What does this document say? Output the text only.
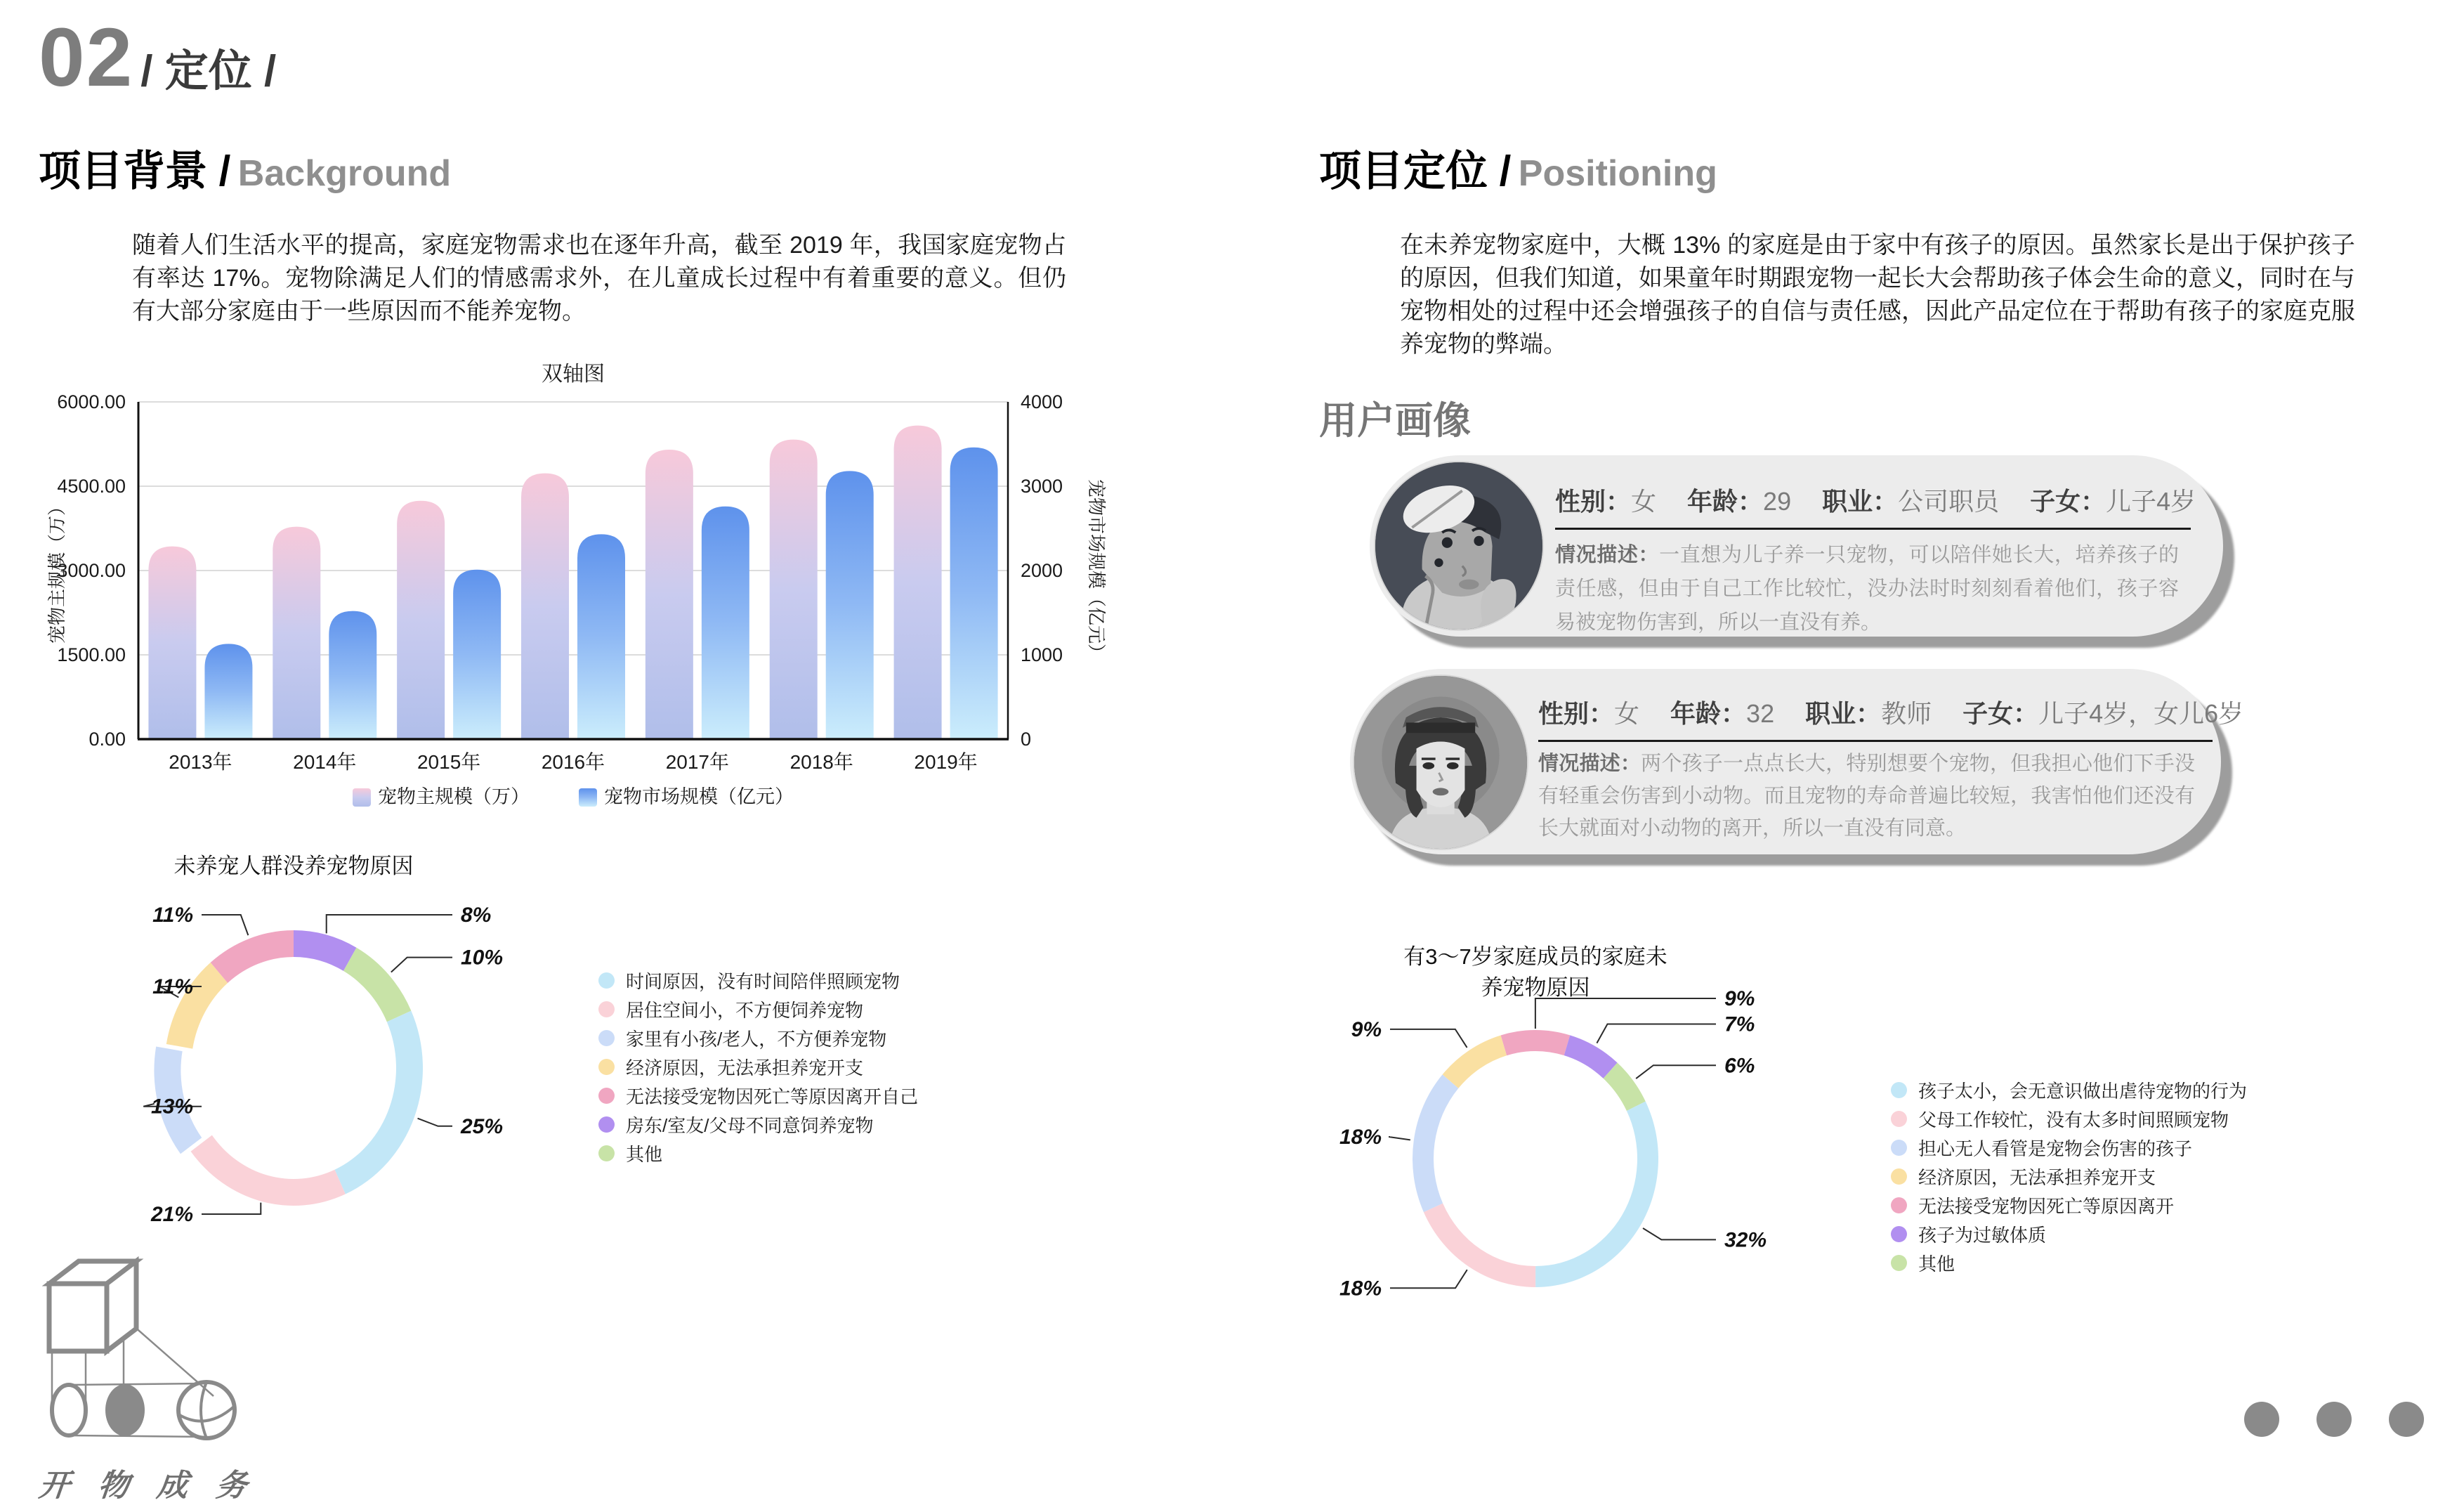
02 / 定位 /
项目背景 / Background
随着人们生活水平的提高，家庭宠物需求也在逐年升高，截至 2019 年，我国家庭宠物占有率达 17%。宠物除满足人们的情感需求外，在儿童成长过程中有着重要的意义。但仍有大部分家庭由于一些原因而不能养宠物。
双轴图
0.00	0
1500.00	1000
3000.00	2000
4500.00	3000
6000.00	4000
2013年	2014年	2015年	2016年	2017年	2018年	2019年
宠物主规模（万）	宠物市场规模（亿元）
宠物主规模（万）	宠物市场规模（亿元）
未养宠人群没养宠物原因
8%
10%
25%
21%
13%
11%
11%
时间原因，没有时间陪伴照顾宠物
居住空间小，不方便饲养宠物
家里有小孩/老人，不方便养宠物
经济原因，无法承担养宠开支
无法接受宠物因死亡等原因离开自己
房东/室友/父母不同意饲养宠物
其他
项目定位 / Positioning
在未养宠物家庭中，大概 13% 的家庭是由于家中有孩子的原因。虽然家长是出于保护孩子的原因，但我们知道，如果童年时期跟宠物一起长大会帮助孩子体会生命的意义，同时在与宠物相处的过程中还会增强孩子的自信与责任感，因此产品定位在于帮助有孩子的家庭克服养宠物的弊端。
用户画像
性别：女 年龄：29 职业：公司职员 子女：儿子4岁
情况描述：一直想为儿子养一只宠物，可以陪伴她长大，培养孩子的责任感，但由于自己工作比较忙，没办法时时刻刻看着他们，孩子容易被宠物伤害到，所以一直没有养。
性别：女 年龄：32 职业：教师 子女：儿子4岁，女儿6岁
情况描述：两个孩子一点点长大，特别想要个宠物，但我担心他们下手没有轻重会伤害到小动物。而且宠物的寿命普遍比较短，我害怕他们还没有长大就面对小动物的离开，所以一直没有同意。
有3～7岁家庭成员的家庭未
养宠物原因	9%
7%
6%
32%
18%
18%
9%
孩子太小，会无意识做出虐待宠物的行为
父母工作较忙，没有太多时间照顾宠物
担心无人看管是宠物会伤害的孩子
经济原因，无法承担养宠开支
无法接受宠物因死亡等原因离开
孩子为过敏体质
其他
开 物 成 务
